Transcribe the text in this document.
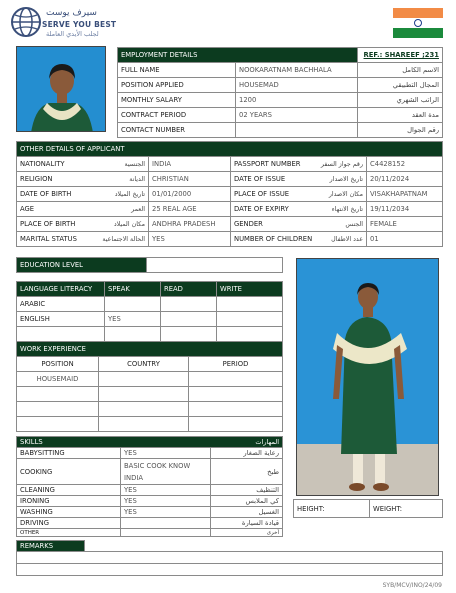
سيرف يوست
SERVE YOU BEST
لجلب الأيدي العاملة
EMPLOYMENT DETAILS		REF.: SHAREEF ;231
FULL NAME	NOOKARATNAM BACHHALA	الاسم الكامل
POSITION APPLIED	HOUSEMAD	المجال التطبيقي
MONTHLY SALARY	1200	الراتب الشهري
CONTRACT PERIOD	02 YEARS	مدة العقد
CONTACT NUMBER		رقم الجوال
OTHER DETAILS OF APPLICANT			

NATIONALITY الجنسية	INDIA	PASSPORT NUMBER رقم جواز السفر	C4428152

RELIGION الديانة	CHRISTIAN	DATE OF ISSUE تاريخ الاصدار	20/11/2024

DATE OF BIRTH تاريخ الميلاد	01/01/2000	PLACE OF ISSUE مكان الاصدار	VISAKHAPATNAM

AGE العمر	25 REAL AGE	DATE OF EXPIRY تاريخ الانتهاء	19/11/2034

PLACE OF BIRTH مكان الميلاد	ANDHRA PRADESH	GENDER الجنس	FEMALE

MARITAL STATUS الحالة الاجتماعية	YES	NUMBER OF CHILDREN عدد الاطفال	01
EDUCATION LEVEL	
LANGUAGE LITERACY	SPEAK	READ	WRITE
ARABIC			
ENGLISH	YES		

WORK EXPERIENCE		
POSITION	COUNTRY	PERIOD
HOUSEMAID		

SKILLS المهارات		

BABYSITTING	YES	رعاية الصغار
COOKING	BASIC COOK KNOW INDIA	طبخ
CLEANING	YES	التنظيف
IRONING	YES	كي الملابس
WASHING	YES	الغسيل
DRIVING		قيادة السيارة
OTHER		أخرى
HEIGHT:	WEIGHT:
REMARKS	

SYB/MCV/INO/24/09
